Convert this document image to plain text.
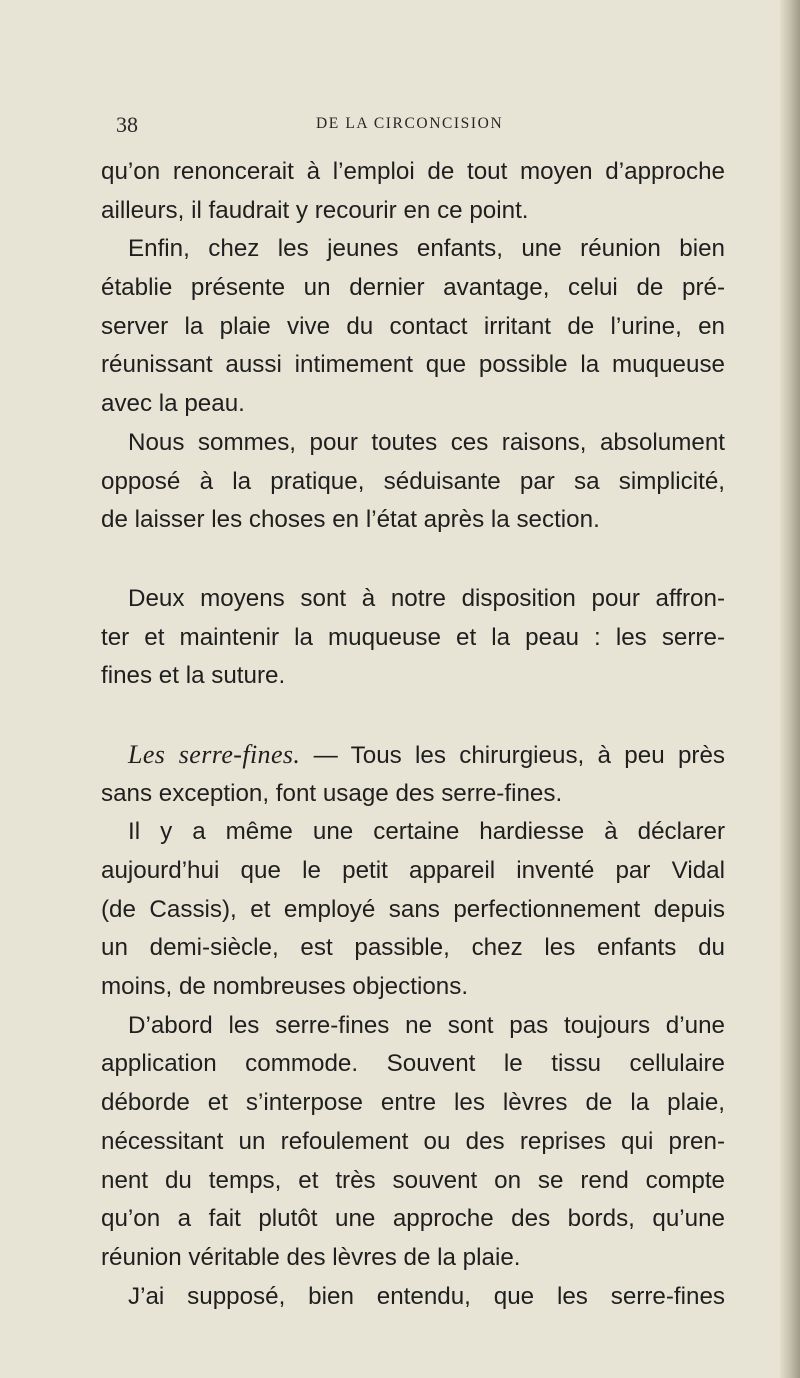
38	DE LA CIRCONCISION
qu’on renoncerait à l’emploi de tout moyen d’approche
ailleurs, il faudrait y recourir en ce point.
Enfin, chez les jeunes enfants, une réunion bien
établie présente un dernier avantage, celui de pré-
server la plaie vive du contact irritant de l’urine, en
réunissant aussi intimement que possible la muqueuse
avec la peau.
Nous sommes, pour toutes ces raisons, absolument
opposé à la pratique, séduisante par sa simplicité,
de laisser les choses en l’état après la section.
Deux moyens sont à notre disposition pour affron-
ter et maintenir la muqueuse et la peau : les serre-
fines et la suture.
Les serre-fines. — Tous les chirurgieus, à peu près
sans exception, font usage des serre-fines.
Il y a même une certaine hardiesse à déclarer
aujourd’hui que le petit appareil inventé par Vidal
(de Cassis), et employé sans perfectionnement depuis
un demi-siècle, est passible, chez les enfants du
moins, de nombreuses objections.
D’abord les serre-fines ne sont pas toujours d’une
application commode. Souvent le tissu cellulaire
déborde et s’interpose entre les lèvres de la plaie,
nécessitant un refoulement ou des reprises qui pren-
nent du temps, et très souvent on se rend compte
qu’on a fait plutôt une approche des bords, qu’une
réunion véritable des lèvres de la plaie.
J’ai supposé, bien entendu, que les serre-fines
